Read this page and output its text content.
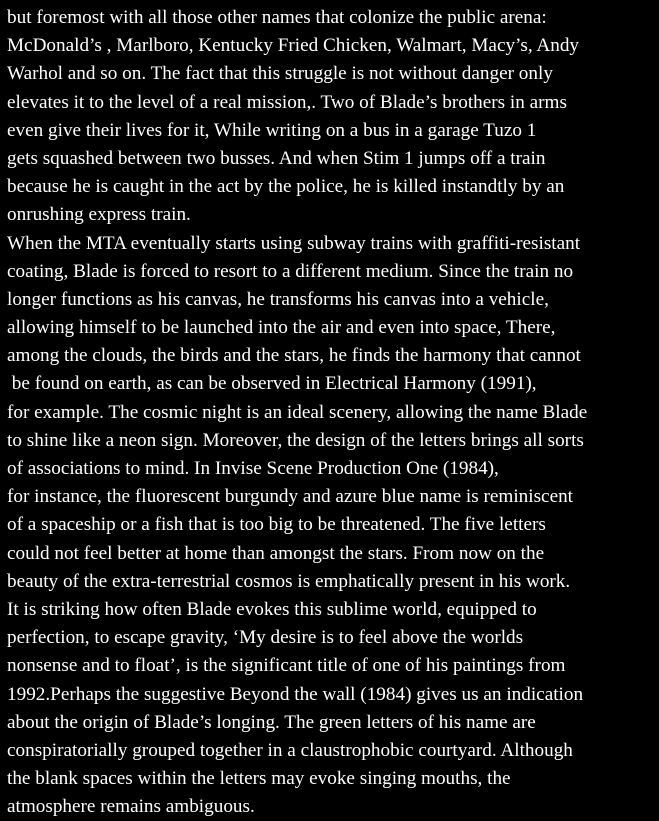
but foremost with all those other names that colonize the public arena:
McDonald’s , Marlboro, Kentucky Fried Chicken, Walmart, Macy’s, Andy
Warhol and so on. The fact that this struggle is not without danger only
elevates it to the level of a real mission,. Two of Blade’s brothers in arms
even give their lives for it, While writing on a bus in a garage Tuzo 1
gets squashed between two busses. And when Stim 1 jumps off a train
because he is caught in the act by the police, he is killed instandtly by an
onrushing express train.
When the MTA eventually starts using subway trains with graffiti-resistant
coating, Blade is forced to resort to a different medium. Since the train no
longer functions as his canvas, he transforms his canvas into a vehicle,
allowing himself to be launched into the air and even into space, There,
among the clouds, the birds and the stars, he finds the harmony that cannot
be found on earth, as can be observed in Electrical Harmony (1991),
for example. The cosmic night is an ideal scenery, allowing the name Blade
to shine like a neon sign. Moreover, the design of the letters brings all sorts
of associations to mind. In Invise Scene Production One (1984),
for instance, the fluorescent burgundy and azure blue name is reminiscent
of a spaceship or a fish that is too big to be threatened. The five letters
could not feel better at home than amongst the stars. From now on the
beauty of the extra-terrestrial cosmos is emphatically present in his work.
It is striking how often Blade evokes this sublime world, equipped to
perfection, to escape gravity, ‘My desire is to feel above the worlds
nonsense and to float’, is the significant title of one of his paintings from
1992.Perhaps the suggestive Beyond the wall (1984) gives us an indication
about the origin of Blade’s longing. The green letters of his name are
conspiratorially grouped together in a claustrophobic courtyard. Although
the blank spaces within the letters may evoke singing mouths, the
atmosphere remains ambiguous.
